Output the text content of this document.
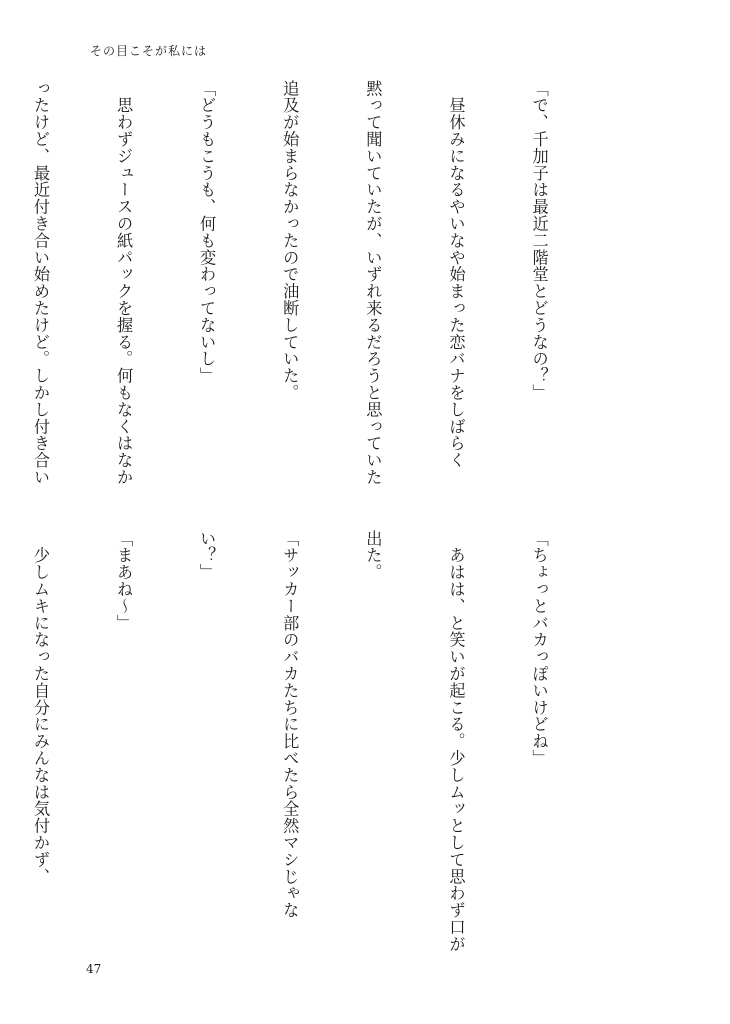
その目こそが私には

「で、千加子は最近二階堂とどうなの？」

　昼休みになるやいなや始まった恋バナをしばらく

黙って聞いていたが、いずれ来るだろうと思っていた

追及が始まらなかったので油断していた。

「どうもこうも、何も変わってないし」

　思わずジュースの紙パックを握る。何もなくはなか

ったけど、最近付き合い始めたけど。しかし付き合い

「ちょっとバカっぽいけどね」

　あはは、と笑いが起こる。少しムッとして思わず口が

出た。

「サッカー部のバカたちに比べたら全然マシじゃな

い？」

「まあね～」

　少しムキになった自分にみんなは気付かず、

47
